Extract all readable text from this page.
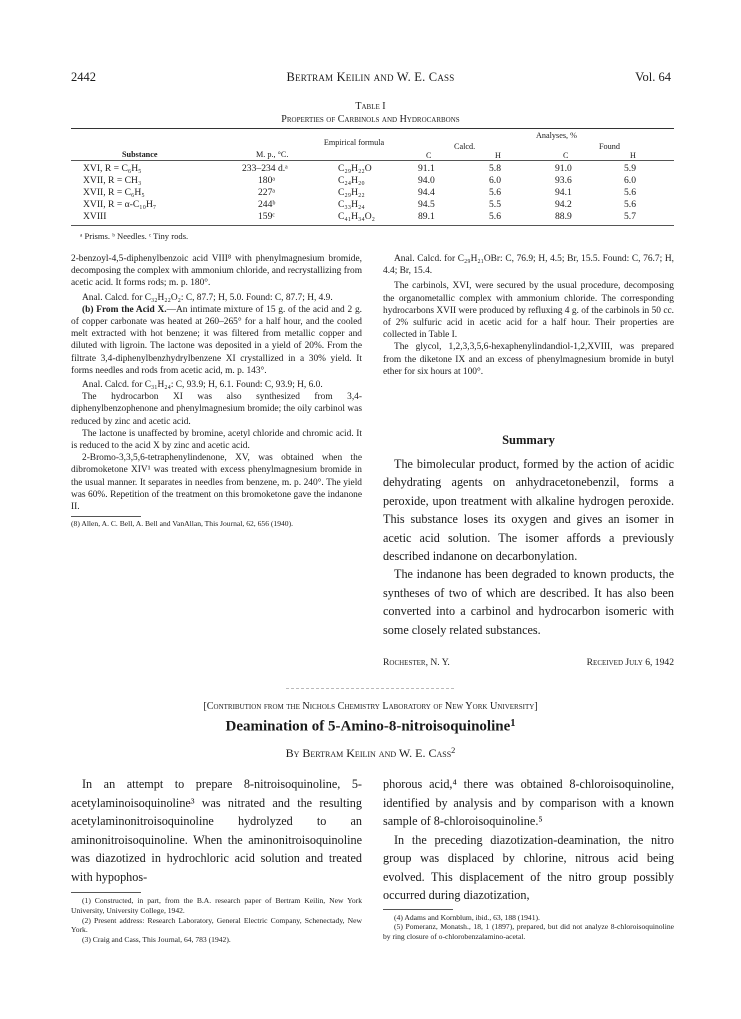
2442	Bertram Keilin and W. E. Cass	Vol. 64
Table I
Properties of Carbinols and Hydrocarbons
Analyses, %
Empirical formula	Calcd.	Found
Substance	M. p., °C.	C	H	C	H
XVI, R = C₆H₅	233–234 d.ᵃ	C₂₉H₂₂O	91.1	5.8	91.0	5.9
XVII, R = CH₃	180ᵃ	C₂₄H₂₀	94.0	6.0	93.6	6.0
XVII, R = C₆H₅	227ᵃ	C₂₉H₂₂	94.4	5.6	94.1	5.6
XVII, R = α-C₁₀H₇	244ᵇ	C₃₃H₂₄	94.5	5.5	94.2	5.6
XVIII	159ᶜ	C₄₁H₃₄O₂	89.1	5.6	88.9	5.7
ᵃ Prisms. ᵇ Needles. ᶜ Tiny rods.

2-benzoyl-4,5-diphenylbenzoic acid VIII⁸ with phenylmagnesium bromide, decomposing the complex with ammonium chloride, and recrystallizing from acetic acid. It forms rods; m. p. 180°.

Anal. Calcd. for C₃₂H₂₂O₂: C, 87.7; H, 5.0. Found: C, 87.7; H, 4.9.

(b) From the Acid X.—An intimate mixture of 15 g. of the acid and 2 g. of copper carbonate was heated at 260–265° for a half hour, and the cooled melt extracted with hot benzene; it was filtered from metallic copper and diluted with ligroin. The lactone was deposited in a yield of 20%. From the filtrate 3,4-diphenylbenzhydrylbenzene XI crystallized in a 30% yield. It forms needles and rods from acetic acid, m. p. 143°.

Anal. Calcd. for C₃₁H₂₄: C, 93.9; H, 6.1. Found: C, 93.9; H, 6.0.

The hydrocarbon XI was also synthesized from 3,4-diphenylbenzophenone and phenylmagnesium bromide; the oily carbinol was reduced by zinc and acetic acid.

The lactone is unaffected by bromine, acetyl chloride and chromic acid. It is reduced to the acid X by zinc and acetic acid.

2-Bromo-3,3,5,6-tetraphenylindenone, XV, was obtained when the dibromoketone XIV¹ was treated with excess phenylmagnesium bromide in the usual manner. It separates in needles from benzene, m. p. 240°. The yield was 60%. Repetition of the treatment on this bromoketone gave the indanone II.

(8) Allen, A. C. Bell, A. Bell and VanAllan, This Journal, 62, 656 (1940).

Anal. Calcd. for C₂₉H₂₁OBr: C, 76.9; H, 4.5; Br, 15.5. Found: C, 76.7; H, 4.4; Br, 15.4.

The carbinols, XVI, were secured by the usual procedure, decomposing the organometallic complex with ammonium chloride. The corresponding hydrocarbons XVII were produced by refluxing 4 g. of the carbinols in 50 cc. of 2% sulfuric acid in acetic acid for a half hour. Their properties are collected in Table I.

The glycol, 1,2,3,3,5,6-hexaphenylindandiol-1,2,XVIII, was prepared from the diketone IX and an excess of phenylmagnesium bromide in butyl ether for six hours at 100°.

Summary

The bimolecular product, formed by the action of acidic dehydrating agents on anhydracetonebenzil, forms a peroxide, upon treatment with alkaline hydrogen peroxide. This substance loses its oxygen and gives an isomer in acetic acid solution. The isomer affords a previously described indanone on decarbonylation.

The indanone has been degraded to known products, the syntheses of two of which are described. It has also been converted into a carbinol and hydrocarbon isomeric with some closely related substances.

Rochester, N. Y.	Received July 6, 1942
[Contribution from the Nichols Chemistry Laboratory of New York University]
Deamination of 5-Amino-8-nitroisoquinoline$^1$
By Bertram Keilin and W. E. Cass$^2$

In an attempt to prepare 8-nitroisoquinoline, 5-acetylaminoisoquinoline³ was nitrated and the resulting acetylaminonitroisoquinoline hydrolyzed to an aminonitroisoquinoline. When the aminonitroisoquinoline was diazotized in hydrochloric acid solution and treated with hypophos-

(1) Constructed, in part, from the B.A. research paper of Bertram Keilin, New York University, University College, 1942.

(2) Present address: Research Laboratory, General Electric Company, Schenectady, New York.

(3) Craig and Cass, This Journal, 64, 783 (1942).

phorous acid,⁴ there was obtained 8-chloroisoquinoline, identified by analysis and by comparison with a known sample of 8-chloroisoquinoline.⁵

In the preceding diazotization-deamination, the nitro group was displaced by chlorine, nitrous acid being evolved. This displacement of the nitro group possibly occurred during diazotization,

(4) Adams and Kornblum, ibid., 63, 188 (1941).

(5) Pomeranz, Monatsh., 18, 1 (1897), prepared, but did not analyze 8-chloroisoquinoline by ring closure of o-chlorobenzalamino-acetal.
